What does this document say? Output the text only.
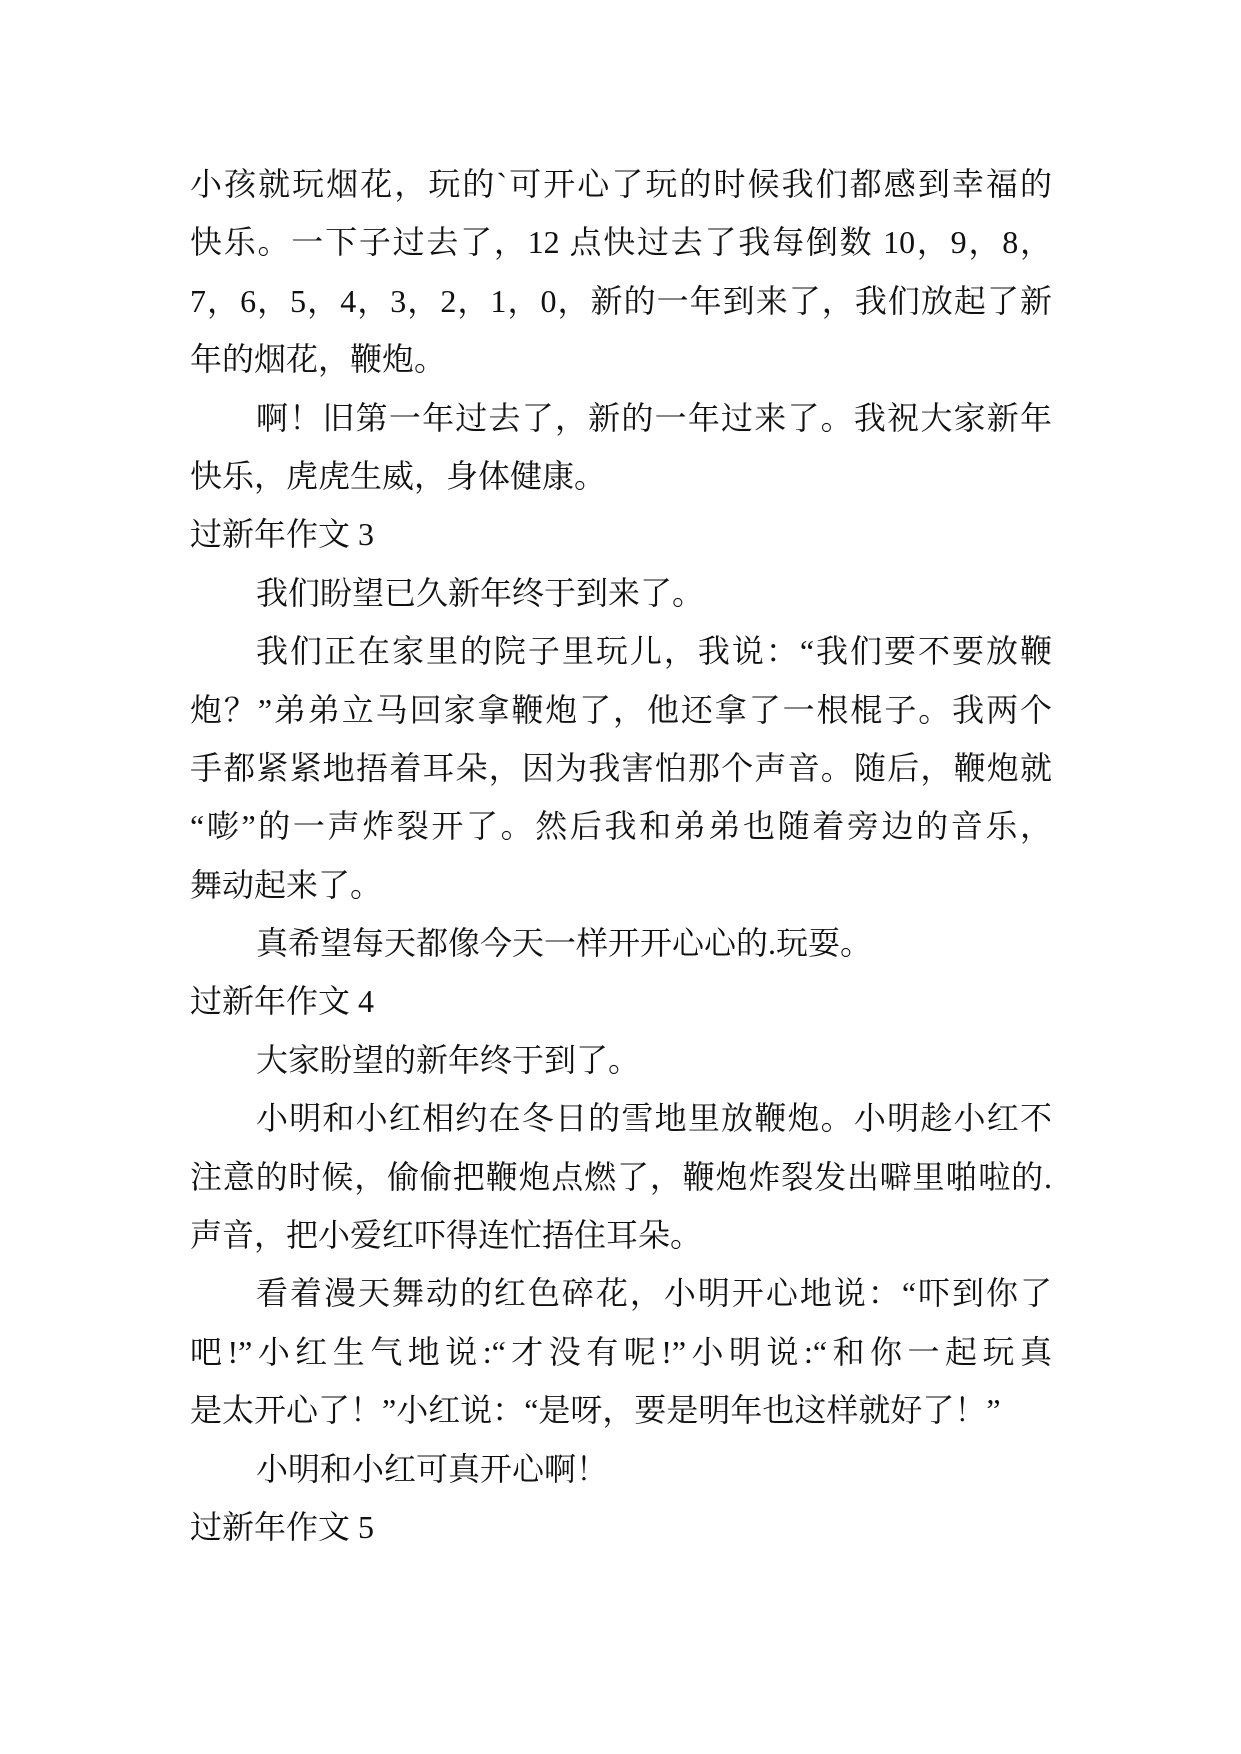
小孩就玩烟花，玩的`可开心了玩的时候我们都感到幸福的
快乐。一下子过去了，12 点快过去了我每倒数 10，9，8，
7，6，5，4，3，2，1，0，新的一年到来了，我们放起了新
年的烟花，鞭炮。
啊！旧第一年过去了，新的一年过来了。我祝大家新年
快乐，虎虎生威，身体健康。
过新年作文 3
我们盼望已久新年终于到来了。
我们正在家里的院子里玩儿，我说：“我们要不要放鞭
炮？”弟弟立马回家拿鞭炮了，他还拿了一根棍子。我两个
手都紧紧地捂着耳朵，因为我害怕那个声音。随后，鞭炮就
“嘭”的一声炸裂开了。然后我和弟弟也随着旁边的音乐，
舞动起来了。
真希望每天都像今天一样开开心心的.玩耍。
过新年作文 4
大家盼望的新年终于到了。
小明和小红相约在冬日的雪地里放鞭炮。小明趁小红不
注意的时候，偷偷把鞭炮点燃了，鞭炮炸裂发出噼里啪啦的.
声音，把小爱红吓得连忙捂住耳朵。
看着漫天舞动的红色碎花，小明开心地说：“吓到你了
吧!”小红生气地说:“才没有呢!”小明说:“和你一起玩真
是太开心了！”小红说：“是呀，要是明年也这样就好了！”
小明和小红可真开心啊！
过新年作文 5
